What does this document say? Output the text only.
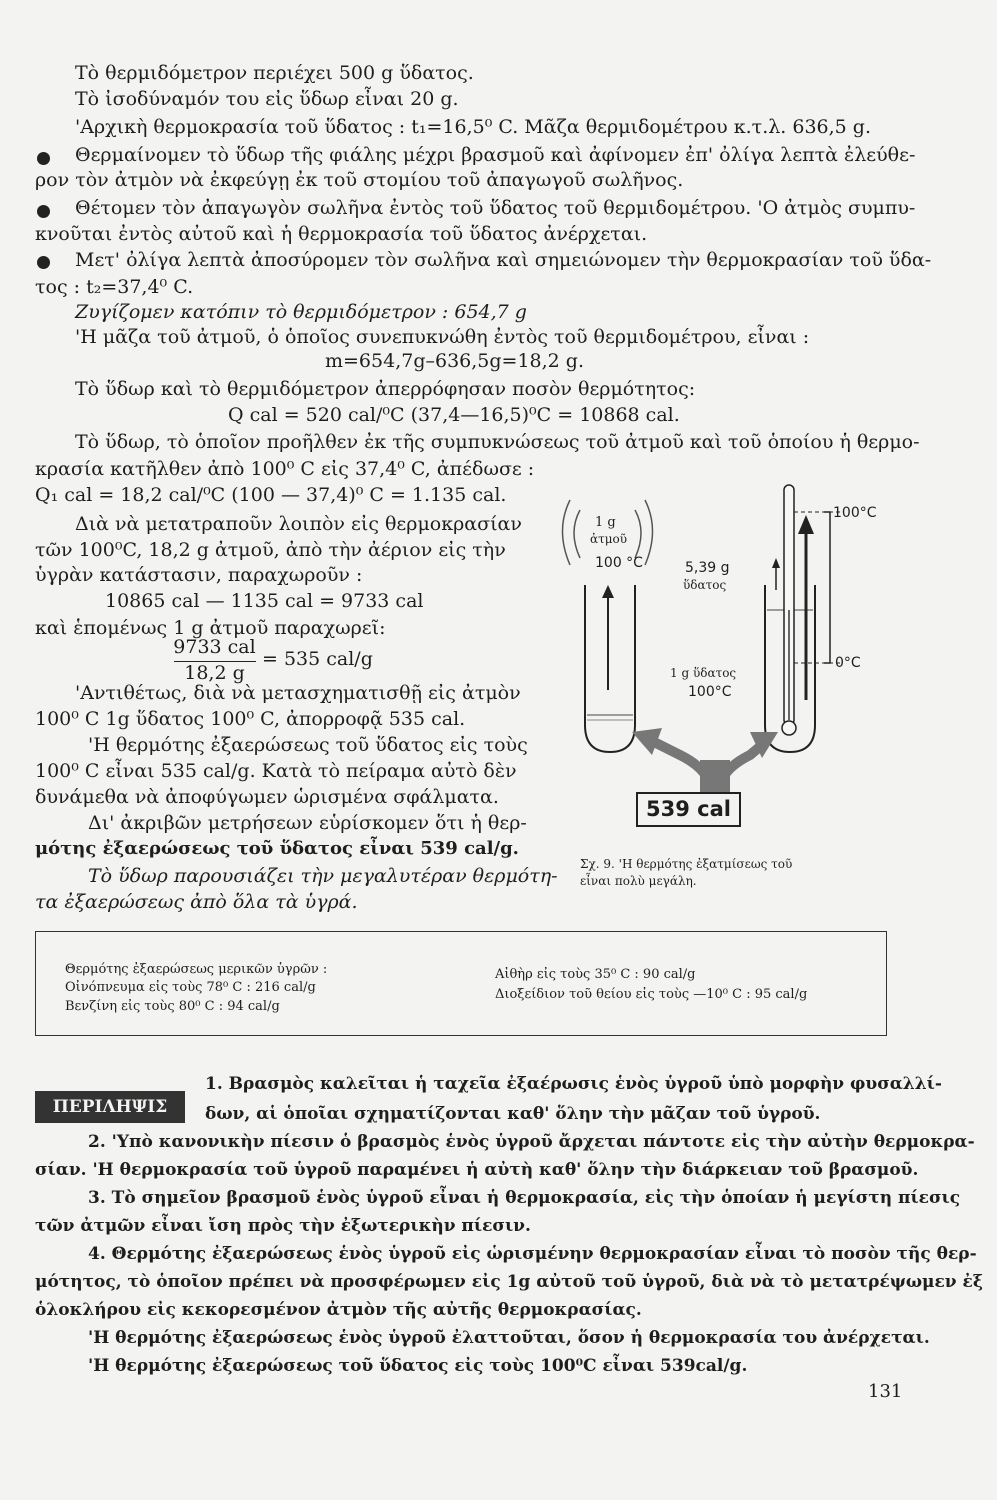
Τὸ θερμιδόμετρον περιέχει 500 g ὕδατος.
Τὸ ἰσοδύναμόν του εἰς ὕδωρ εἶναι 20 g.
'Αρχικὴ θερμοκρασία τοῦ ὕδατος : t₁=16,5⁰ C. Μᾶζα θερμιδομέτρου κ.τ.λ. 636,5 g.
Θερμαίνομεν τὸ ὕδωρ τῆς φιάλης μέχρι βρασμοῦ καὶ ἀφίνομεν ἐπ' ὀλίγα λεπτὰ ἐλεύθε-
ρον τὸν ἀτμὸν νὰ ἐκφεύγῃ ἐκ τοῦ στομίου τοῦ ἀπαγωγοῦ σωλῆνος.
Θέτομεν τὸν ἀπαγωγὸν σωλῆνα ἐντὸς τοῦ ὕδατος τοῦ θερμιδομέτρου. 'Ο ἀτμὸς συμπυ-
κνοῦται ἐντὸς αὐτοῦ καὶ ἡ θερμοκρασία τοῦ ὕδατος ἀνέρχεται.
Μετ' ὀλίγα λεπτὰ ἀποσύρομεν τὸν σωλῆνα καὶ σημειώνομεν τὴν θερμοκρασίαν τοῦ ὕδα-
τος : t₂=37,4⁰ C.
Ζυγίζομεν κατόπιν τὸ θερμιδόμετρον : 654,7 g
'Η μᾶζα τοῦ ἀτμοῦ, ὁ ὁποῖος συνεπυκνώθη ἐντὸς τοῦ θερμιδομέτρου, εἶναι :
m=654,7g–636,5g=18,2 g.
Τὸ ὕδωρ καὶ τὸ θερμιδόμετρον ἀπερρόφησαν ποσὸν θερμότητος:
Q cal = 520 cal/⁰C (37,4—16,5)⁰C = 10868 cal.
Τὸ ὕδωρ, τὸ ὁποῖον προῆλθεν ἐκ τῆς συμπυκνώσεως τοῦ ἀτμοῦ καὶ τοῦ ὁποίου ἡ θερμο-
κρασία κατῆλθεν ἀπὸ 100⁰ C εἰς 37,4⁰ C, ἀπέδωσε :
Q₁ cal = 18,2 cal/⁰C (100 — 37,4)⁰ C = 1.135 cal.
Διὰ νὰ μετατραποῦν λοιπὸν εἰς θερμοκρασίαν
τῶν 100⁰C, 18,2 g ἀτμοῦ, ἀπὸ τὴν ἀέριον εἰς τὴν
ὑγρὰν κατάστασιν, παραχωροῦν :
10865 cal — 1135 cal = 9733 cal
καὶ ἑπομένως 1 g ἀτμοῦ παραχωρεῖ:
9733 cal
18,2 g
= 535 cal/g
'Αντιθέτως, διὰ νὰ μετασχηματισθῇ εἰς ἀτμὸν
100⁰ C 1g ὕδατος 100⁰ C, ἀπορροφᾷ 535 cal.
'Η θερμότης ἐξαερώσεως τοῦ ὕδατος εἰς τοὺς
100⁰ C εἶναι 535 cal/g. Κατὰ τὸ πείραμα αὐτὸ δὲν
δυνάμεθα νὰ ἀποφύγωμεν ὡρισμένα σφάλματα.
Δι' ἀκριβῶν μετρήσεων εὑρίσκομεν ὅτι ἡ θερ-
μότης ἐξαερώσεως τοῦ ὕδατος εἶναι 539 cal/g.
Τὸ ὕδωρ παρουσιάζει τὴν μεγαλυτέραν θερμότη-
τα ἐξαερώσεως ἀπὸ ὅλα τὰ ὑγρά.
1 g
ἀτμοῦ
100 °C	5,39 g
ὕδατος
100°C
0°C
1 g ὕδατος
100°C
539 cal
Σχ. 9. 'Η θερμότης ἐξατμίσεως τοῦ
εἶναι πολὺ μεγάλη.
Θερμότης ἐξαερώσεως μερικῶν ὑγρῶν :
Οἰνόπνευμα εἰς τοὺς 78⁰ C : 216 cal/g
Βενζίνη εἰς τοὺς 80⁰ C : 94 cal/g
Αἰθὴρ εἰς τοὺς 35⁰ C : 90 cal/g
Διοξείδιον τοῦ θείου εἰς τοὺς —10⁰ C : 95 cal/g
ΠΕΡΙΛΗΨΙΣ
1. Βρασμὸς καλεῖται ἡ ταχεῖα ἐξαέρωσις ἑνὸς ὑγροῦ ὑπὸ μορφὴν φυσαλλί-
δων, αἱ ὁποῖαι σχηματίζονται καθ' ὅλην τὴν μᾶζαν τοῦ ὑγροῦ.
2. 'Υπὸ κανονικὴν πίεσιν ὁ βρασμὸς ἑνὸς ὑγροῦ ἄρχεται πάντοτε εἰς τὴν αὐτὴν θερμοκρα-
σίαν. 'Η θερμοκρασία τοῦ ὑγροῦ παραμένει ἡ αὐτὴ καθ' ὅλην τὴν διάρκειαν τοῦ βρασμοῦ.
3. Τὸ σημεῖον βρασμοῦ ἑνὸς ὑγροῦ εἶναι ἡ θερμοκρασία, εἰς τὴν ὁποίαν ἡ μεγίστη πίεσις
τῶν ἀτμῶν εἶναι ἴση πρὸς τὴν ἐξωτερικὴν πίεσιν.
4. Θερμότης ἐξαερώσεως ἑνὸς ὑγροῦ εἰς ὡρισμένην θερμοκρασίαν εἶναι τὸ ποσὸν τῆς θερ-
μότητος, τὸ ὁποῖον πρέπει νὰ προσφέρωμεν εἰς 1g αὐτοῦ τοῦ ὑγροῦ, διὰ νὰ τὸ μετατρέψωμεν ἐξ
ὁλοκλήρου εἰς κεκορεσμένον ἀτμὸν τῆς αὐτῆς θερμοκρασίας.
'Η θερμότης ἐξαερώσεως ἑνὸς ὑγροῦ ἐλαττοῦται, ὅσον ἡ θερμοκρασία του ἀνέρχεται.
'Η θερμότης ἐξαερώσεως τοῦ ὕδατος εἰς τοὺς 100⁰C εἶναι 539cal/g.
131
